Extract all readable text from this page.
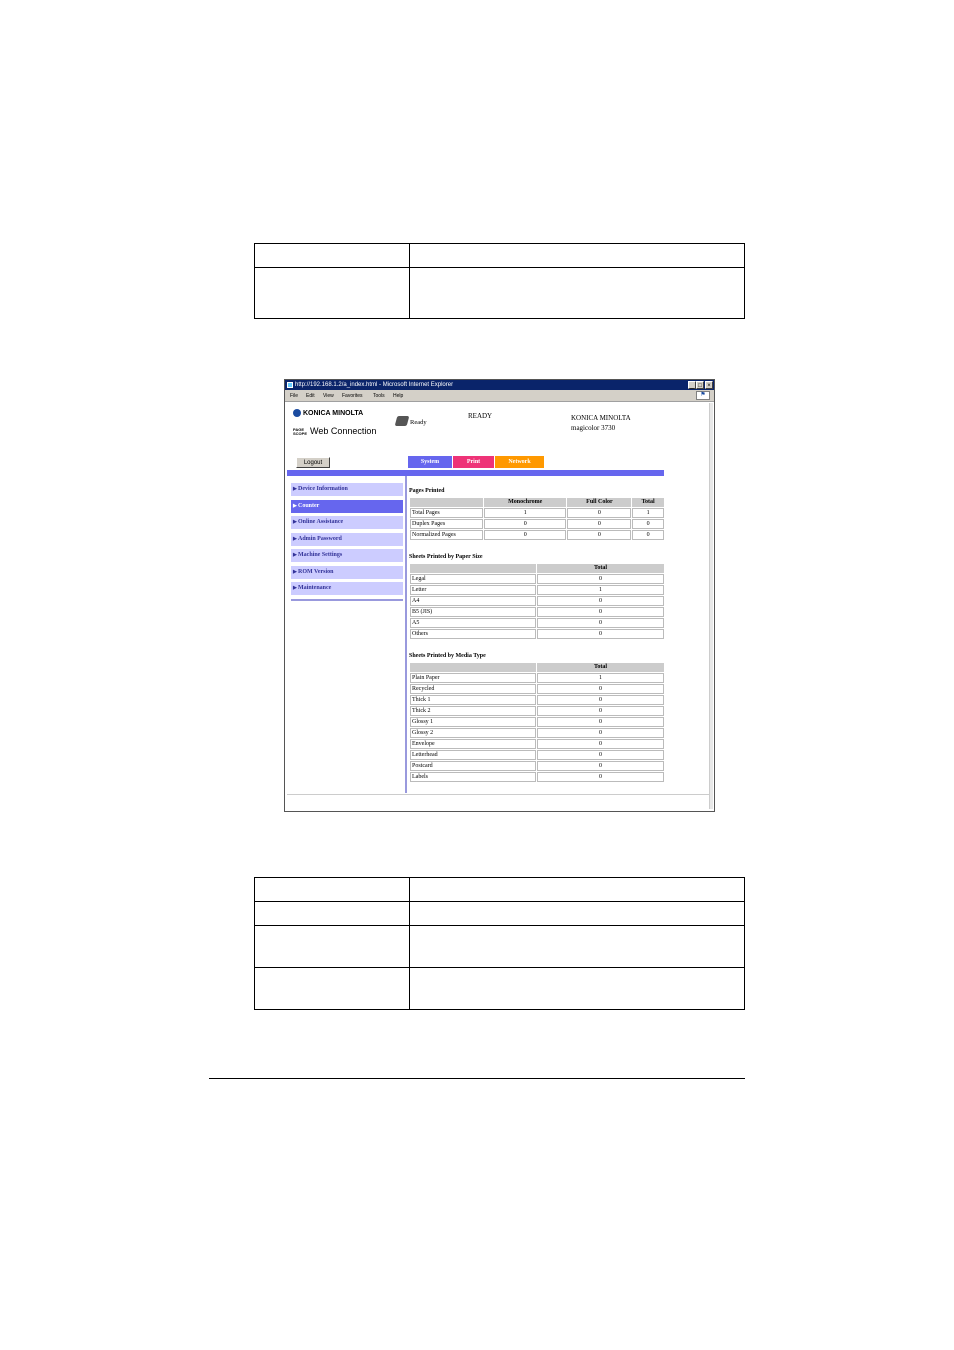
http://192.168.1.2/a_index.html - Microsoft Internet Explorer	_ □ ×
File Edit View Favorites Tools Help	⚑
KONICA MINOLTA
PAGE
SCOPE Web Connection
Ready
READY	KONICA MINOLTA
magicolor 3730
Logout	System	Print	Network
▶ Device Information
▶ Counter
▶ Online Assistance
▶ Admin Password
▶ Machine Settings
▶ ROM Version
▶ Maintenance
Pages Printed
	Monochrome	Full Color	Total
Total Pages	1	0	1
Duplex Pages	0	0	0
Normalized Pages	0	0	0
Sheets Printed by Paper Size
	Total
Legal	0
Letter	1
A4	0
B5 (JIS)	0
A5	0
Others	0
Sheets Printed by Media Type
	Total
Plain Paper	1
Recycled	0
Thick 1	0
Thick 2	0
Glossy 1	0
Glossy 2	0
Envelope	0
Letterhead	0
Postcard	0
Labels	0
